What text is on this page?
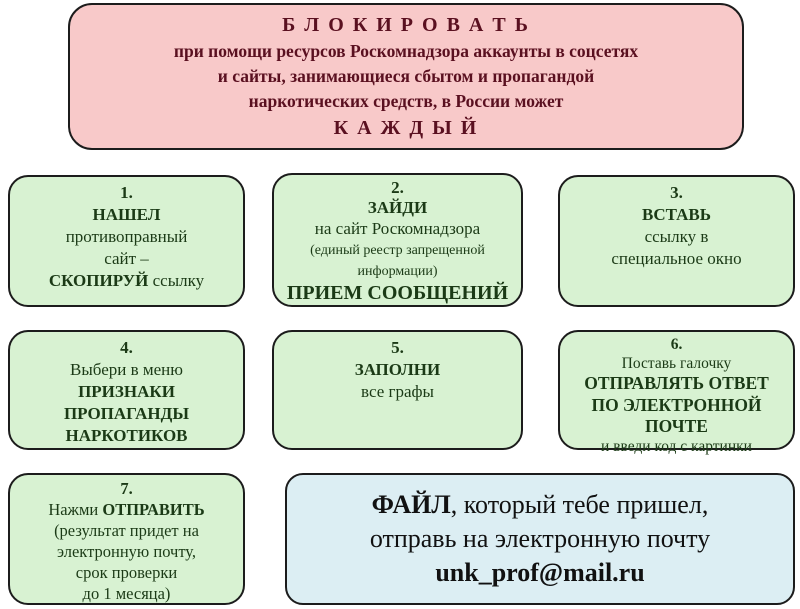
Б Л О К И Р О В А Т Ь
при помощи ресурсов Роскомнадзора аккаунты в соцсетях
и сайты, занимающиеся сбытом и пропагандой
наркотических средств, в России может
К А Ж Д Ы Й
1.
НАШЕЛ
противоправный
сайт –
СКОПИРУЙ ссылку
2.
ЗАЙДИ
на сайт Роскомнадзора
(единый реестр запрещенной
информации)
ПРИЕМ СООБЩЕНИЙ
3.
ВСТАВЬ
ссылку в
специальное окно
4.
Выбери в меню
ПРИЗНАКИ
ПРОПАГАНДЫ
НАРКОТИКОВ
5.
ЗАПОЛНИ
все графы
6.
Поставь галочку
ОТПРАВЛЯТЬ ОТВЕТ
ПО ЭЛЕКТРОННОЙ
ПОЧТЕ
и введи код с картинки
7.
Нажми ОТПРАВИТЬ
(результат придет на
электронную почту,
срок проверки
до 1 месяца)
ФАЙЛ, который тебе пришел,
отправь на электронную почту
unk_prof@mail.ru
